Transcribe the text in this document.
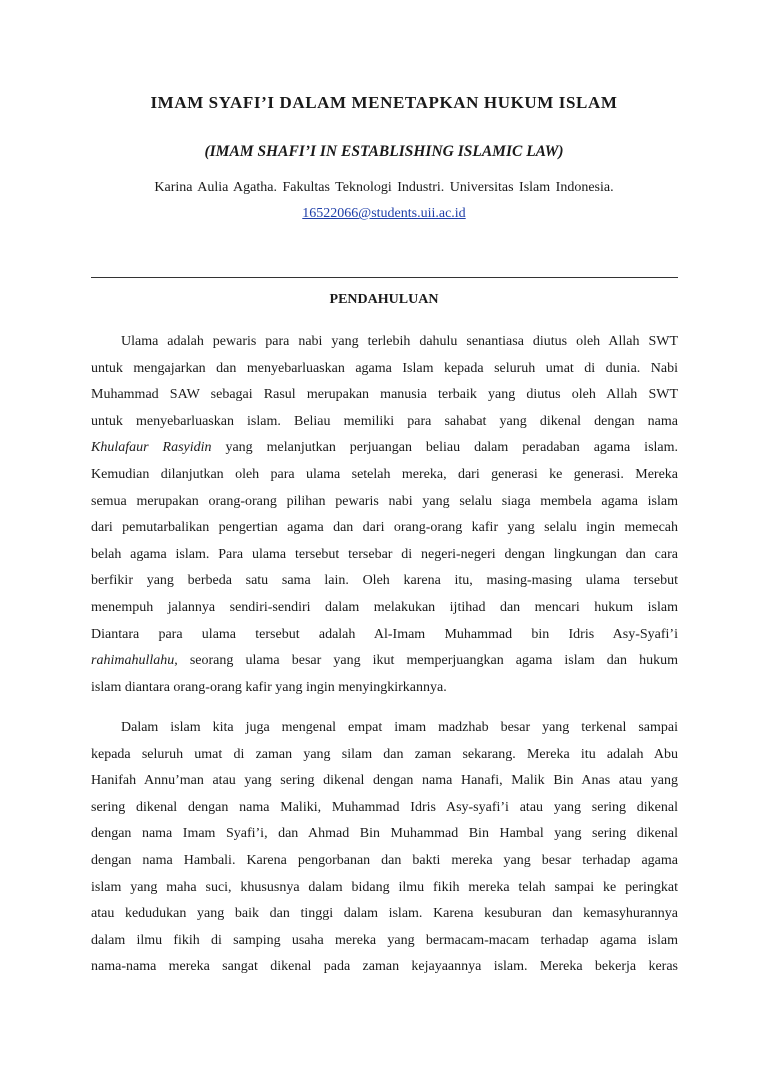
IMAM SYAFI’I DALAM MENETAPKAN HUKUM ISLAM
(IMAM SHAFI’I IN ESTABLISHING ISLAMIC LAW)

Karina Aulia Agatha. Fakultas Teknologi Industri. Universitas Islam Indonesia.

16522066@students.uii.ac.id

PENDAHULUAN
Ulama adalah pewaris para nabi yang terlebih dahulu senantiasa diutus oleh Allah SWT
untuk mengajarkan dan menyebarluaskan agama Islam kepada seluruh umat di dunia. Nabi
Muhammad SAW sebagai Rasul merupakan manusia terbaik yang diutus oleh Allah SWT
untuk menyebarluaskan islam. Beliau memiliki para sahabat yang dikenal dengan nama
Khulafaur Rasyidin yang melanjutkan perjuangan beliau dalam peradaban agama islam.
Kemudian dilanjutkan oleh para ulama setelah mereka, dari generasi ke generasi. Mereka
semua merupakan orang-orang pilihan pewaris nabi yang selalu siaga membela agama islam
dari pemutarbalikan pengertian agama dan dari orang-orang kafir yang selalu ingin memecah
belah agama islam. Para ulama tersebut tersebar di negeri-negeri dengan lingkungan dan cara
berfikir yang berbeda satu sama lain. Oleh karena itu, masing-masing ulama tersebut
menempuh jalannya sendiri-sendiri dalam melakukan ijtihad dan mencari hukum islam
Diantara para ulama tersebut adalah Al-Imam Muhammad bin Idris Asy-Syafi’i
rahimahullahu, seorang ulama besar yang ikut memperjuangkan agama islam dan hukum
islam diantara orang-orang kafir yang ingin menyingkirkannya.
Dalam islam kita juga mengenal empat imam madzhab besar yang terkenal sampai
kepada seluruh umat di zaman yang silam dan zaman sekarang. Mereka itu adalah Abu
Hanifah Annu’man atau yang sering dikenal dengan nama Hanafi, Malik Bin Anas atau yang
sering dikenal dengan nama Maliki, Muhammad Idris Asy-syafi’i atau yang sering dikenal
dengan nama Imam Syafi’i, dan Ahmad Bin Muhammad Bin Hambal yang sering dikenal
dengan nama Hambali. Karena pengorbanan dan bakti mereka yang besar terhadap agama
islam yang maha suci, khususnya dalam bidang ilmu fikih mereka telah sampai ke peringkat
atau kedudukan yang baik dan tinggi dalam islam. Karena kesuburan dan kemasyhurannya
dalam ilmu fikih di samping usaha mereka yang bermacam-macam terhadap agama islam
nama-nama mereka sangat dikenal pada zaman kejayaannya islam. Mereka bekerja keras
